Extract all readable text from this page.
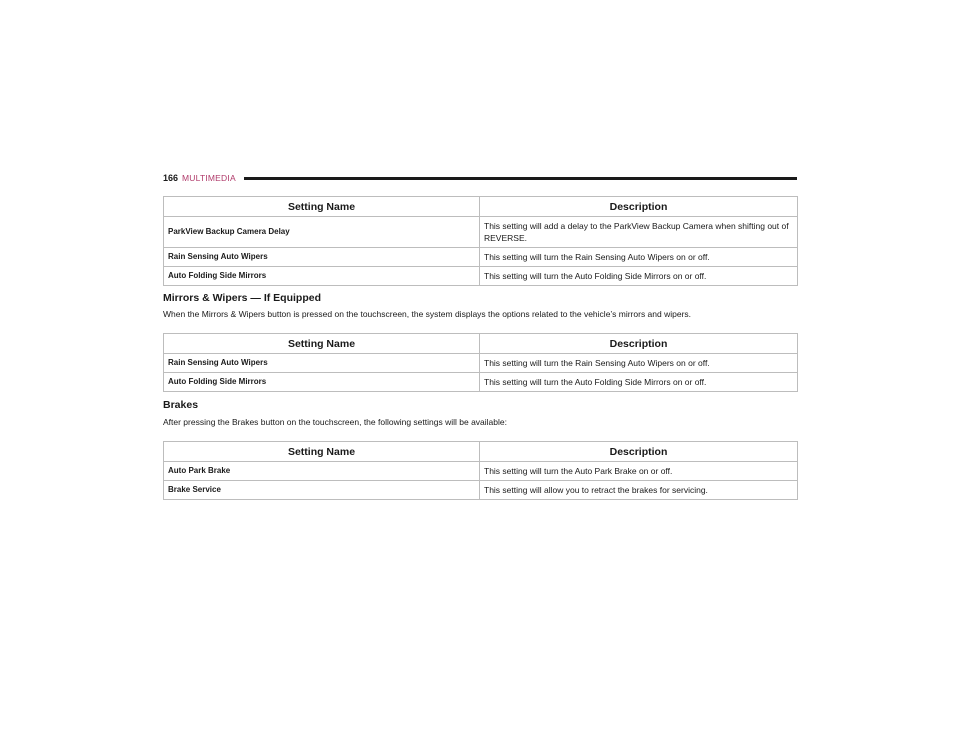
166 MULTIMEDIA
Setting Name	Description
ParkView Backup Camera Delay	This setting will add a delay to the ParkView Backup Camera when shifting out of REVERSE.
Rain Sensing Auto Wipers	This setting will turn the Rain Sensing Auto Wipers on or off.
Auto Folding Side Mirrors	This setting will turn the Auto Folding Side Mirrors on or off.
Mirrors & Wipers — If Equipped

When the Mirrors & Wipers button is pressed on the touchscreen, the system displays the options related to the vehicle’s mirrors and wipers.

Setting Name	Description
Rain Sensing Auto Wipers	This setting will turn the Rain Sensing Auto Wipers on or off.
Auto Folding Side Mirrors	This setting will turn the Auto Folding Side Mirrors on or off.
Brakes

After pressing the Brakes button on the touchscreen, the following settings will be available:

Setting Name	Description
Auto Park Brake	This setting will turn the Auto Park Brake on or off.
Brake Service	This setting will allow you to retract the brakes for servicing.
